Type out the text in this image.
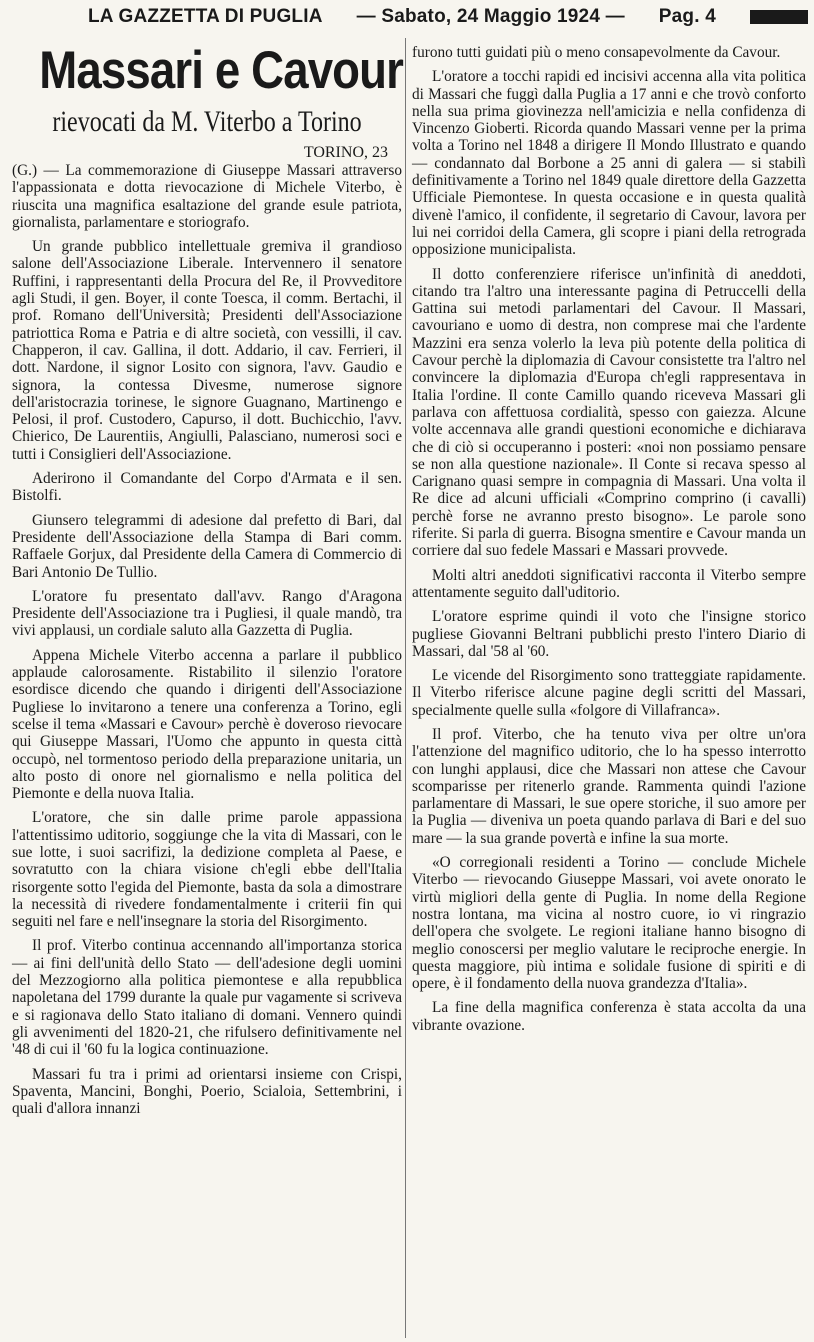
LA GAZZETTA DI PUGLIA — Sabato, 24 Maggio 1924 — Pag. 4
Massari e Cavour
rievocati da M. Viterbo a Torino
TORINO, 23

(G.) — La commemorazione di Giuseppe Massari attraverso l'appassionata e dotta rievocazione di Michele Viterbo, è riuscita una magnifica esaltazione del grande esule patriota, giornalista, parlamentare e storiografo.

Un grande pubblico intellettuale gremiva il grandioso salone dell'Associazione Liberale. Intervennero il senatore Ruffini, i rappresentanti della Procura del Re, il Provveditore agli Studi, il gen. Boyer, il conte Toesca, il comm. Bertachi, il prof. Romano dell'Università; Presidenti dell'Associazione patriottica Roma e Patria e di altre società, con vessilli, il cav. Chapperon, il cav. Gallina, il dott. Addario, il cav. Ferrieri, il dott. Nardone, il signor Losito con signora, l'avv. Gaudio e signora, la contessa Divesme, numerose signore dell'aristocrazia torinese, le signore Guagnano, Martinengo e Pelosi, il prof. Custodero, Capurso, il dott. Buchicchio, l'avv. Chierico, De Laurentiis, Angiulli, Palasciano, numerosi soci e tutti i Consiglieri dell'Associazione.

Aderirono il Comandante del Corpo d'Armata e il sen. Bistolfi.

Giunsero telegrammi di adesione dal prefetto di Bari, dal Presidente dell'Associazione della Stampa di Bari comm. Raffaele Gorjux, dal Presidente della Camera di Commercio di Bari Antonio De Tullio.

L'oratore fu presentato dall'avv. Rango d'Aragona Presidente dell'Associazione tra i Pugliesi, il quale mandò, tra vivi applausi, un cordiale saluto alla Gazzetta di Puglia.

Appena Michele Viterbo accenna a parlare il pubblico applaude calorosamente. Ristabilito il silenzio l'oratore esordisce dicendo che quando i dirigenti dell'Associazione Pugliese lo invitarono a tenere una conferenza a Torino, egli scelse il tema «Massari e Cavour» perchè è doveroso rievocare qui Giuseppe Massari, l'Uomo che appunto in questa città occupò, nel tormentoso periodo della preparazione unitaria, un alto posto di onore nel giornalismo e nella politica del Piemonte e della nuova Italia.

L'oratore, che sin dalle prime parole appassiona l'attentissimo uditorio, soggiunge che la vita di Massari, con le sue lotte, i suoi sacrifizi, la dedizione completa al Paese, e sovratutto con la chiara visione ch'egli ebbe dell'Italia risorgente sotto l'egida del Piemonte, basta da sola a dimostrare la necessità di rivedere fondamentalmente i criterii fin qui seguiti nel fare e nell'insegnare la storia del Risorgimento.

Il prof. Viterbo continua accennando all'importanza storica — ai fini dell'unità dello Stato — dell'adesione degli uomini del Mezzogiorno alla politica piemontese e alla repubblica napoletana del 1799 durante la quale pur vagamente si scriveva e si ragionava dello Stato italiano di domani. Vennero quindi gli avvenimenti del 1820-21, che rifulsero definitivamente nel '48 di cui il '60 fu la logica continuazione.

Massari fu tra i primi ad orientarsi insieme con Crispi, Spaventa, Mancini, Bonghi, Poerio, Scialoia, Settembrini, i quali d'allora innanzi

furono tutti guidati più o meno consapevolmente da Cavour.

L'oratore a tocchi rapidi ed incisivi accenna alla vita politica di Massari che fuggì dalla Puglia a 17 anni e che trovò conforto nella sua prima giovinezza nell'amicizia e nella confidenza di Vincenzo Gioberti. Ricorda quando Massari venne per la prima volta a Torino nel 1848 a dirigere Il Mondo Illustrato e quando — condannato dal Borbone a 25 anni di galera — si stabilì definitivamente a Torino nel 1849 quale direttore della Gazzetta Ufficiale Piemontese. In questa occasione e in questa qualità divenè l'amico, il confidente, il segretario di Cavour, lavora per lui nei corridoi della Camera, gli scopre i piani della retrograda opposizione municipalista.

Il dotto conferenziere riferisce un'infinità di aneddoti, citando tra l'altro una interessante pagina di Petruccelli della Gattina sui metodi parlamentari del Cavour. Il Massari, cavouriano e uomo di destra, non comprese mai che l'ardente Mazzini era senza volerlo la leva più potente della politica di Cavour perchè la diplomazia di Cavour consistette tra l'altro nel convincere la diplomazia d'Europa ch'egli rappresentava in Italia l'ordine. Il conte Camillo quando riceveva Massari gli parlava con affettuosa cordialità, spesso con gaiezza. Alcune volte accennava alle grandi questioni economiche e dichiarava che di ciò si occuperanno i posteri: «noi non possiamo pensare se non alla questione nazionale». Il Conte si recava spesso al Carignano quasi sempre in compagnia di Massari. Una volta il Re dice ad alcuni ufficiali «Comprino comprino (i cavalli) perchè forse ne avranno presto bisogno». Le parole sono riferite. Si parla di guerra. Bisogna smentire e Cavour manda un corriere dal suo fedele Massari e Massari provvede.

Molti altri aneddoti significativi racconta il Viterbo sempre attentamente seguito dall'uditorio.

L'oratore esprime quindi il voto che l'insigne storico pugliese Giovanni Beltrani pubblichi presto l'intero Diario di Massari, dal '58 al '60.

Le vicende del Risorgimento sono tratteggiate rapidamente. Il Viterbo riferisce alcune pagine degli scritti del Massari, specialmente quelle sulla «folgore di Villafranca».

Il prof. Viterbo, che ha tenuto viva per oltre un'ora l'attenzione del magnifico uditorio, che lo ha spesso interrotto con lunghi applausi, dice che Massari non attese che Cavour scomparisse per ritenerlo grande. Rammenta quindi l'azione parlamentare di Massari, le sue opere storiche, il suo amore per la Puglia — diveniva un poeta quando parlava di Bari e del suo mare — la sua grande povertà e infine la sua morte.

«O corregionali residenti a Torino — conclude Michele Viterbo — rievocando Giuseppe Massari, voi avete onorato le virtù migliori della gente di Puglia. In nome della Regione nostra lontana, ma vicina al nostro cuore, io vi ringrazio dell'opera che svolgete. Le regioni italiane hanno bisogno di meglio conoscersi per meglio valutare le reciproche energie. In questa maggiore, più intima e solidale fusione di spiriti e di opere, è il fondamento della nuova grandezza d'Italia».

La fine della magnifica conferenza è stata accolta da una vibrante ovazione.
